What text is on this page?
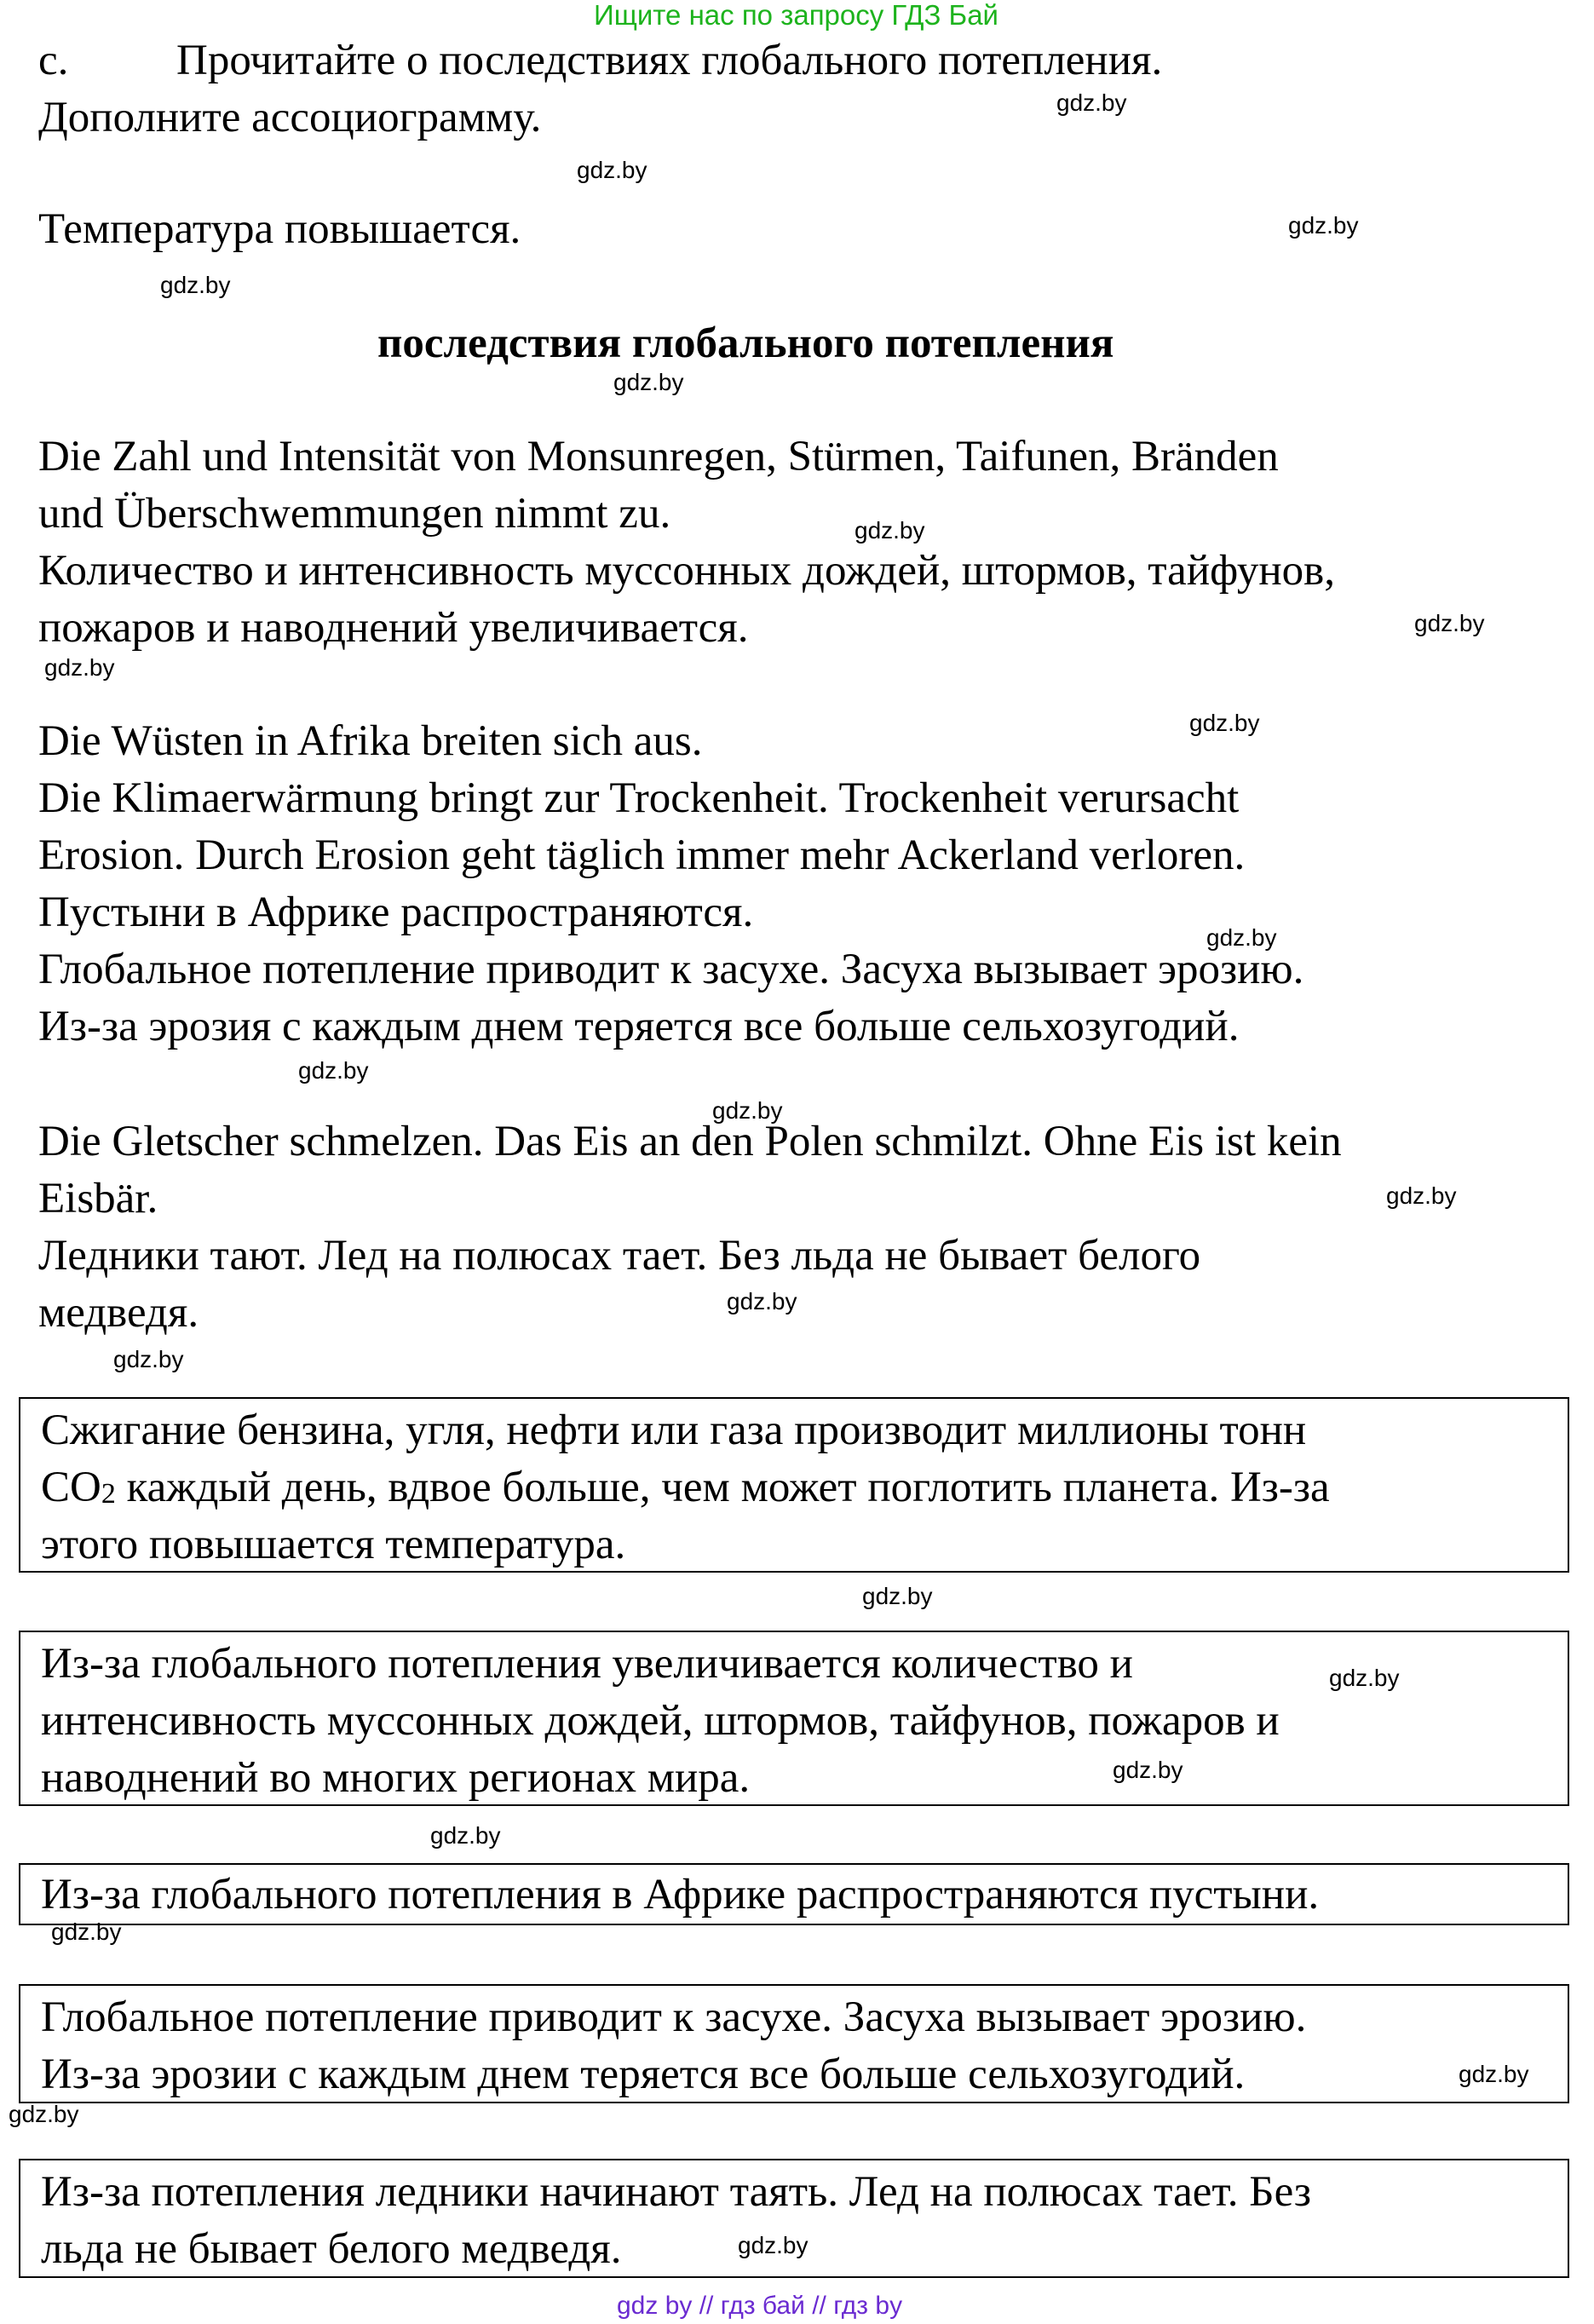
Ищите нас по запросу ГДЗ Бай
c. Прочитайте о последствиях глобального потепления.
Дополните ассоциограмму.
Температура повышается.
последствия глобального потепления
Die Zahl und Intensität von Monsunregen, Stürmen, Taifunen, Bränden
und Überschwemmungen nimmt zu.
Количество и интенсивность муссонных дождей, штормов, тайфунов,
пожаров и наводнений увеличивается.
Die Wüsten in Afrika breiten sich aus.
Die Klimaerwärmung bringt zur Trockenheit. Trockenheit verursacht
Erosion. Durch Erosion geht täglich immer mehr Ackerland verloren.
Пустыни в Африке распространяются.
Глобальное потепление приводит к засухе. Засуха вызывает эрозию.
Из-за эрозия с каждым днем теряется все больше сельхозугодий.
Die Gletscher schmelzen. Das Eis an den Polen schmilzt. Ohne Eis ist kein
Eisbär.
Ледники тают. Лед на полюсах тает. Без льда не бывает белого
медведя.
Сжигание бензина, угля, нефти или газа производит миллионы тонн
$CO_2$ каждый день, вдвое больше, чем может поглотить планета. Из-за
этого повышается температура.
Из-за глобального потепления увеличивается количество и
интенсивность муссонных дождей, штормов, тайфунов, пожаров и
наводнений во многих регионах мира.
Из-за глобального потепления в Африке распространяются пустыни.
Глобальное потепление приводит к засухе. Засуха вызывает эрозию.
Из-за эрозии с каждым днем теряется все больше сельхозугодий.
Из-за потепления ледники начинают таять. Лед на полюсах тает. Без
льда не бывает белого медведя.
gdz.by
gdz.by
gdz.by
gdz.by
gdz.by
gdz.by
gdz.by
gdz.by
gdz.by
gdz.by
gdz.by
gdz.by
gdz.by
gdz.by
gdz.by
gdz.by
gdz.by
gdz.by
gdz.by
gdz.by
gdz.by
gdz.by
gdz.by
gdz by // гдз бай // гдз by
